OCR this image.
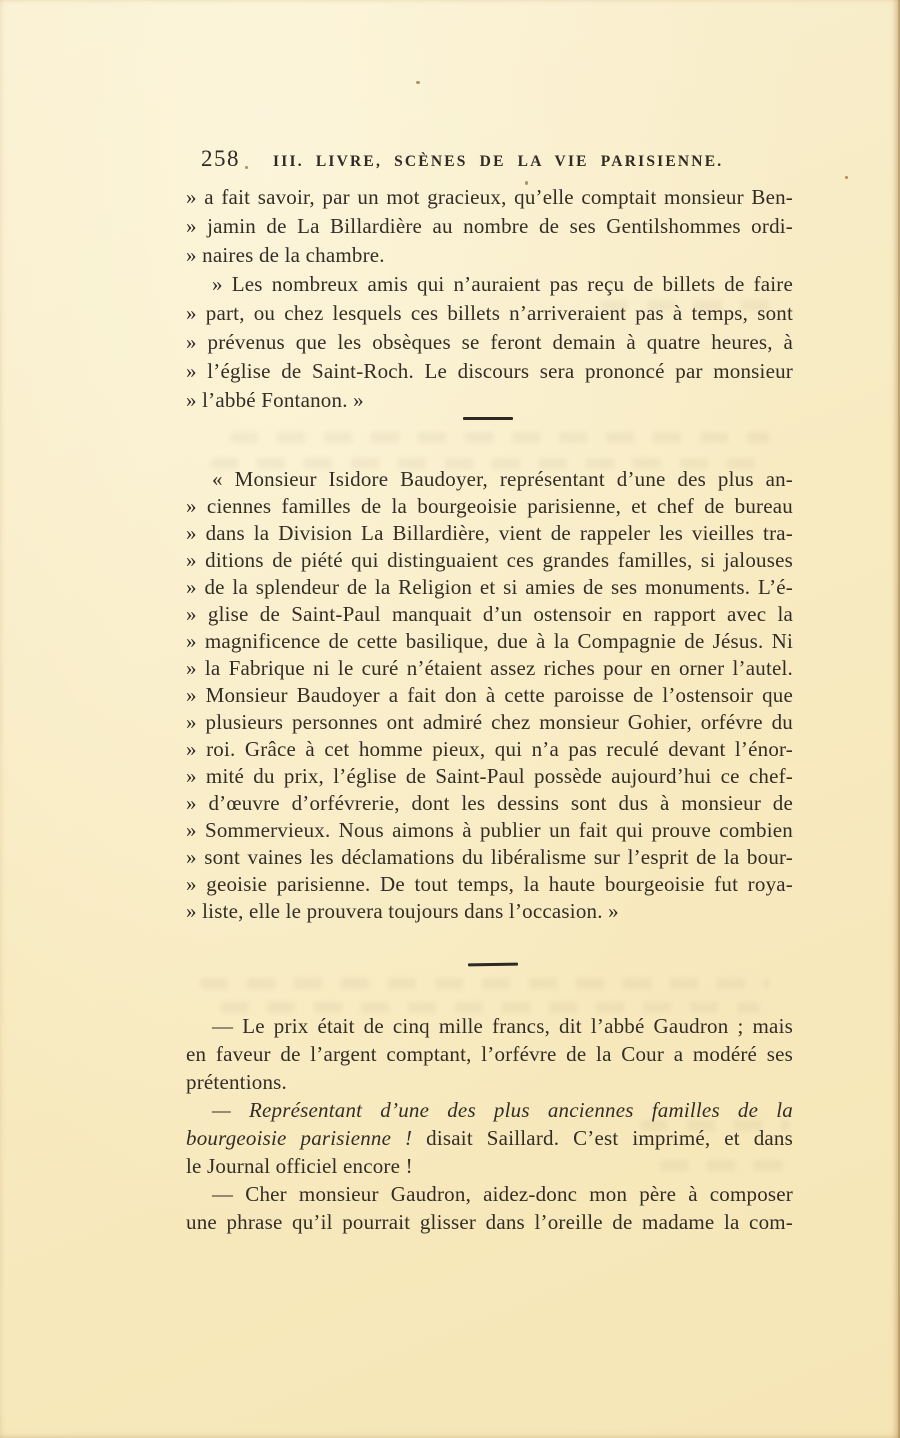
258 III. LIVRE, SCÈNES DE LA VIE PARISIENNE.
» a fait savoir, par un mot gracieux, qu’elle comptait monsieur Ben-
» jamin de La Billardière au nombre de ses Gentilshommes ordi-
» naires de la chambre.
» Les nombreux amis qui n’auraient pas reçu de billets de faire
» part, ou chez lesquels ces billets n’arriveraient pas à temps, sont
» prévenus que les obsèques se feront demain à quatre heures, à
» l’église de Saint-Roch. Le discours sera prononcé par monsieur
» l’abbé Fontanon. »
« Monsieur Isidore Baudoyer, représentant d’une des plus an-
» ciennes familles de la bourgeoisie parisienne, et chef de bureau
» dans la Division La Billardière, vient de rappeler les vieilles tra-
» ditions de piété qui distinguaient ces grandes familles, si jalouses
» de la splendeur de la Religion et si amies de ses monuments. L’é-
» glise de Saint-Paul manquait d’un ostensoir en rapport avec la
» magnificence de cette basilique, due à la Compagnie de Jésus. Ni
» la Fabrique ni le curé n’étaient assez riches pour en orner l’autel.
» Monsieur Baudoyer a fait don à cette paroisse de l’ostensoir que
» plusieurs personnes ont admiré chez monsieur Gohier, orfévre du
» roi. Grâce à cet homme pieux, qui n’a pas reculé devant l’énor-
» mité du prix, l’église de Saint-Paul possède aujourd’hui ce chef-
» d’œuvre d’orfévrerie, dont les dessins sont dus à monsieur de
» Sommervieux. Nous aimons à publier un fait qui prouve combien
» sont vaines les déclamations du libéralisme sur l’esprit de la bour-
» geoisie parisienne. De tout temps, la haute bourgeoisie fut roya-
» liste, elle le prouvera toujours dans l’occasion. »
— Le prix était de cinq mille francs, dit l’abbé Gaudron ; mais
en faveur de l’argent comptant, l’orfévre de la Cour a modéré ses
prétentions.
— Représentant d’une des plus anciennes familles de la
bourgeoisie parisienne ! disait Saillard. C’est imprimé, et dans
le Journal officiel encore !
— Cher monsieur Gaudron, aidez-donc mon père à composer
une phrase qu’il pourrait glisser dans l’oreille de madame la com-
